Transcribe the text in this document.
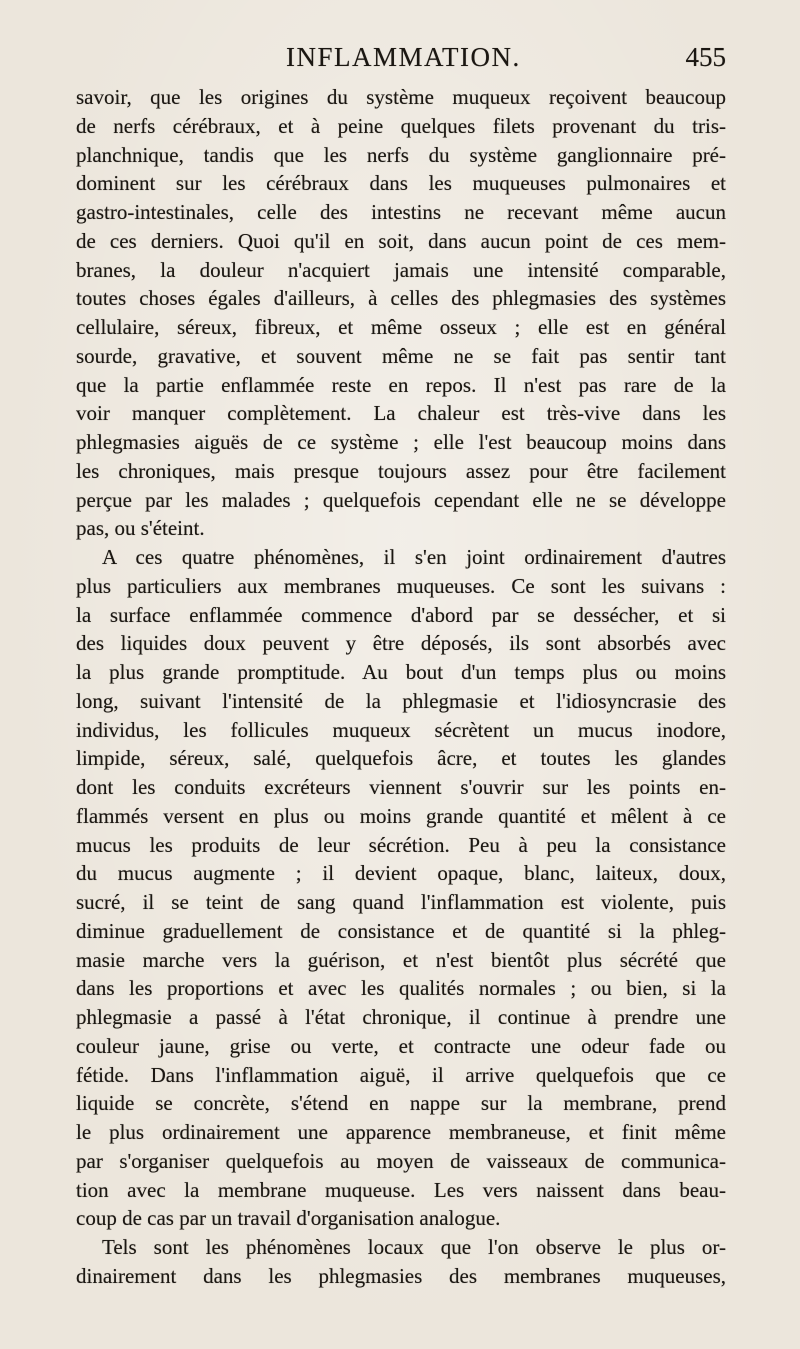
INFLAMMATION.	455
savoir, que les origines du système muqueux reçoivent beaucoup
de nerfs cérébraux, et à peine quelques filets provenant du tris-
planchnique, tandis que les nerfs du système ganglionnaire pré-
dominent sur les cérébraux dans les muqueuses pulmonaires et
gastro-intestinales, celle des intestins ne recevant même aucun
de ces derniers. Quoi qu'il en soit, dans aucun point de ces mem-
branes, la douleur n'acquiert jamais une intensité comparable,
toutes choses égales d'ailleurs, à celles des phlegmasies des systèmes
cellulaire, séreux, fibreux, et même osseux ; elle est en général
sourde, gravative, et souvent même ne se fait pas sentir tant
que la partie enflammée reste en repos. Il n'est pas rare de la
voir manquer complètement. La chaleur est très-vive dans les
phlegmasies aiguës de ce système ; elle l'est beaucoup moins dans
les chroniques, mais presque toujours assez pour être facilement
perçue par les malades ; quelquefois cependant elle ne se développe
pas, ou s'éteint.
A ces quatre phénomènes, il s'en joint ordinairement d'autres
plus particuliers aux membranes muqueuses. Ce sont les suivans :
la surface enflammée commence d'abord par se dessécher, et si
des liquides doux peuvent y être déposés, ils sont absorbés avec
la plus grande promptitude. Au bout d'un temps plus ou moins
long, suivant l'intensité de la phlegmasie et l'idiosyncrasie des
individus, les follicules muqueux sécrètent un mucus inodore,
limpide, séreux, salé, quelquefois âcre, et toutes les glandes
dont les conduits excréteurs viennent s'ouvrir sur les points en-
flammés versent en plus ou moins grande quantité et mêlent à ce
mucus les produits de leur sécrétion. Peu à peu la consistance
du mucus augmente ; il devient opaque, blanc, laiteux, doux,
sucré, il se teint de sang quand l'inflammation est violente, puis
diminue graduellement de consistance et de quantité si la phleg-
masie marche vers la guérison, et n'est bientôt plus sécrété que
dans les proportions et avec les qualités normales ; ou bien, si la
phlegmasie a passé à l'état chronique, il continue à prendre une
couleur jaune, grise ou verte, et contracte une odeur fade ou
fétide. Dans l'inflammation aiguë, il arrive quelquefois que ce
liquide se concrète, s'étend en nappe sur la membrane, prend
le plus ordinairement une apparence membraneuse, et finit même
par s'organiser quelquefois au moyen de vaisseaux de communica-
tion avec la membrane muqueuse. Les vers naissent dans beau-
coup de cas par un travail d'organisation analogue.
Tels sont les phénomènes locaux que l'on observe le plus or-
dinairement dans les phlegmasies des membranes muqueuses,
